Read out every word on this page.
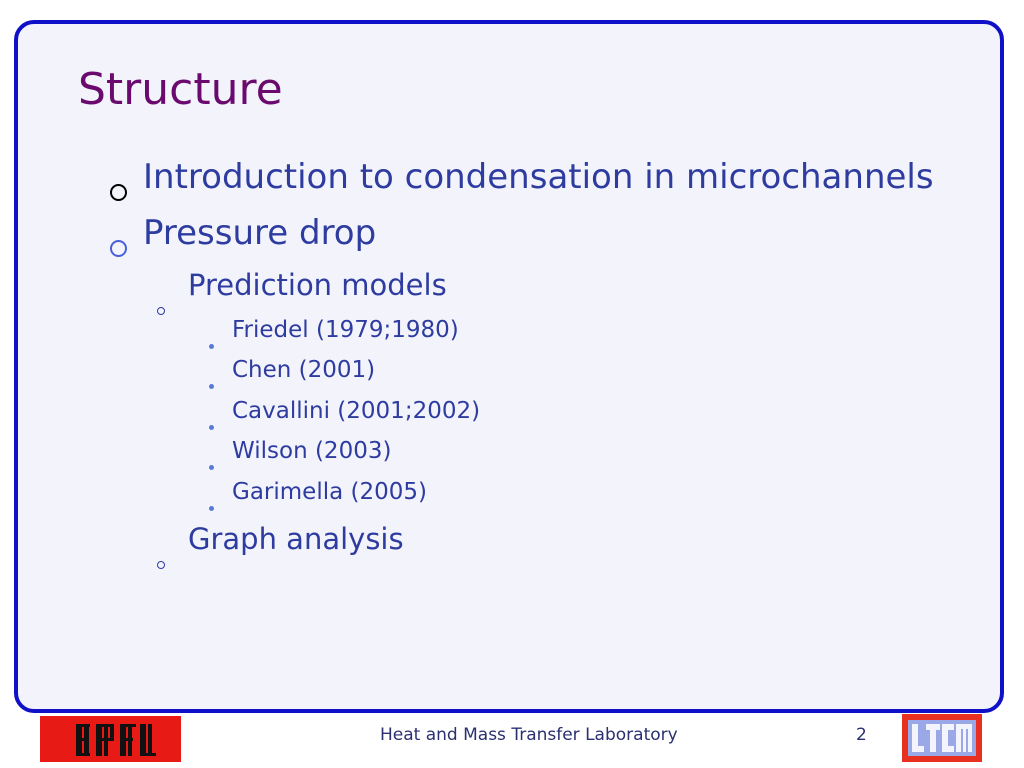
Structure
Introduction to condensation in microchannels
Pressure drop
Prediction models
Friedel (1979;1980)
Chen (2001)
Cavallini (2001;2002)
Wilson (2003)
Garimella (2005)
Graph analysis
Heat and Mass Transfer Laboratory	2
